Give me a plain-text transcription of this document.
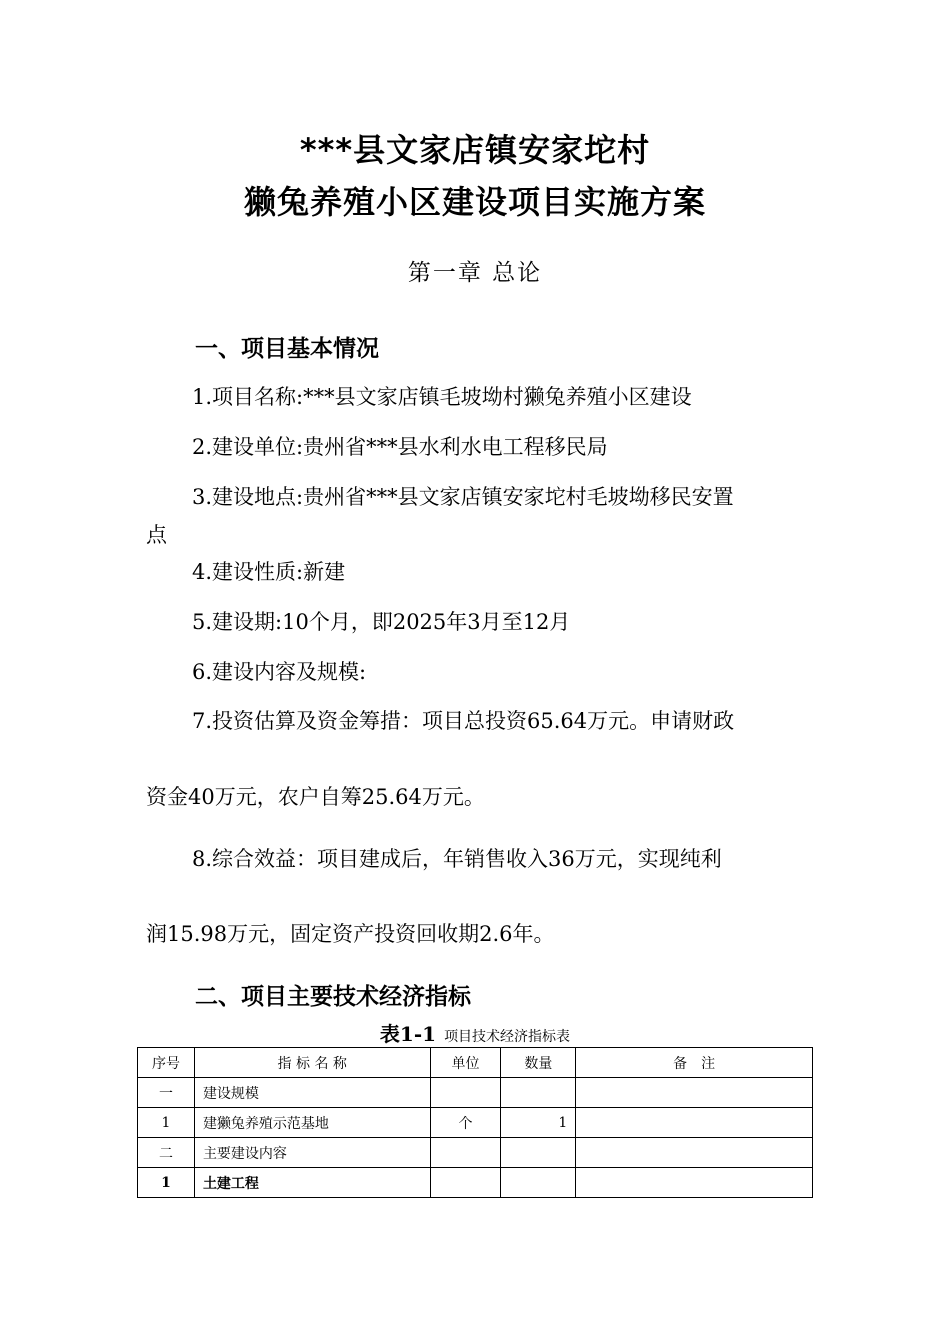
***县文家店镇安家坨村
獭兔养殖小区建设项目实施方案
第一章 总论
一、项目基本情况
1.项目名称:***县文家店镇毛坡坳村獭兔养殖小区建设
2.建设单位:贵州省***县水利水电工程移民局
3.建设地点:贵州省***县文家店镇安家坨村毛坡坳移民安置
点
4.建设性质:新建
5.建设期:10个月，即2025年3月至12月
6.建设内容及规模:
7.投资估算及资金筹措：项目总投资65.64万元。申请财政
资金40万元，农户自筹25.64万元。
8.综合效益：项目建成后，年销售收入36万元，实现纯利
润15.98万元，固定资产投资回收期2.6年。
二、项目主要技术经济指标
表1-1 项目技术经济指标表
序号	指 标 名 称	单位	数量	备　注
一	建设规模			
1	建獭兔养殖示范基地	个	1	
二	主要建设内容			
1	土建工程			
